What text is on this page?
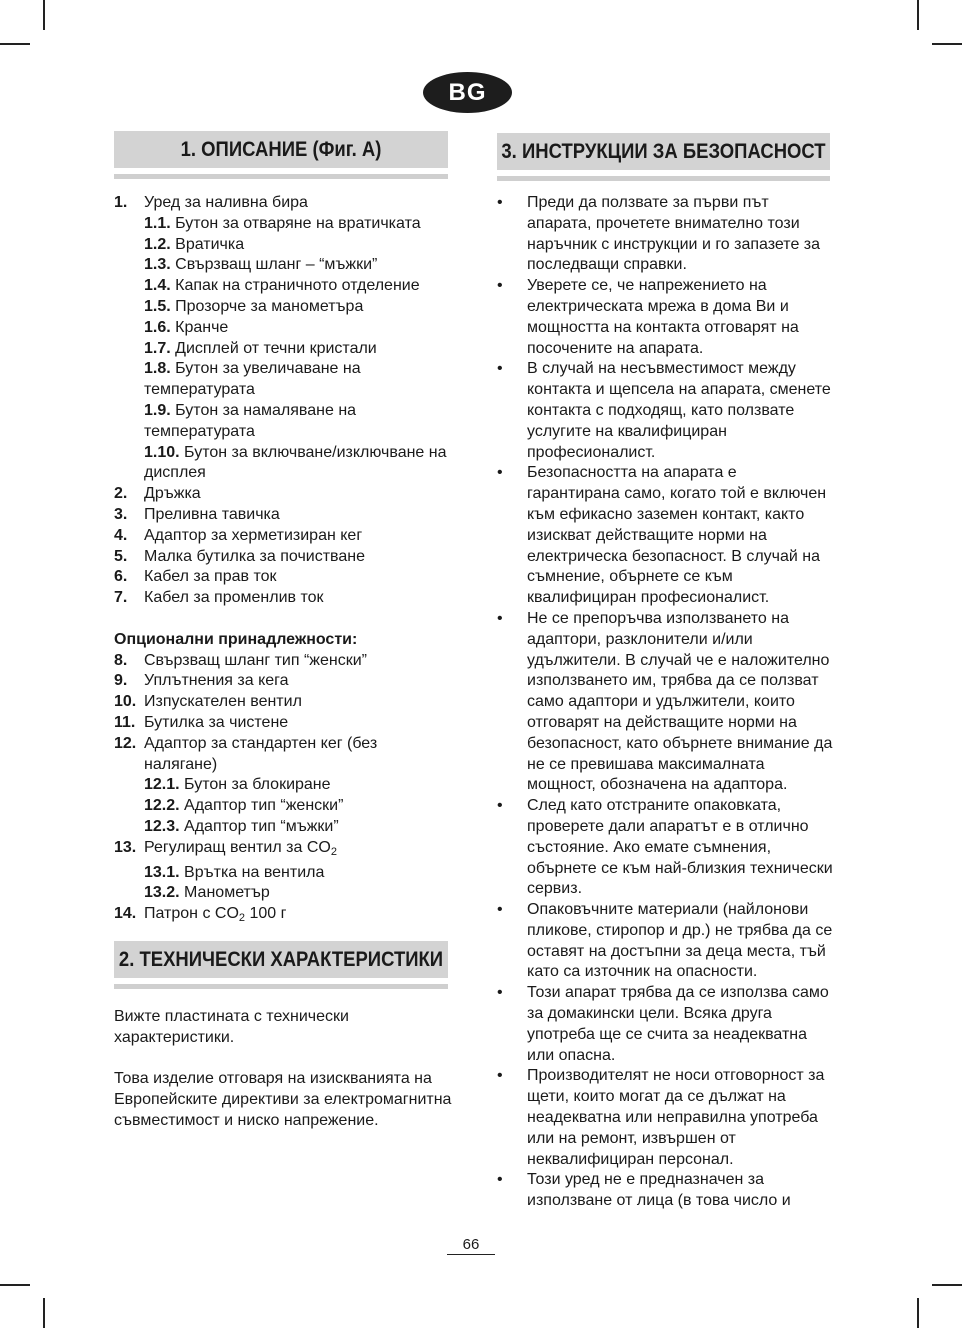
BG
1. ОПИСАНИЕ (Фиг. А)
1.	Уред за наливна бира
1.1. Бутон за отваряне на вратичката
1.2. Вратичка
1.3. Свързващ шланг – “мъжки”
1.4. Капак на страничното отделение
1.5. Прозорче за манометъра
1.6. Кранче
1.7. Дисплей от течни кристали
1.8. Бутон за увеличаване на температурата
1.9. Бутон за намаляване на температурата
1.10. Бутон за включване/изключване на дисплея
2.	Дръжка
3.	Преливна тавичка
4.	Адаптор за херметизиран кег
5.	Малка бутилка за почистване
6.	Кабел за прав ток
7.	Кабел за променлив ток
Опционални принадлежности:
8.	Свързващ шланг тип “женски”
9.	Уплътнения за кега
10. Изпускателен вентил
11. Бутилка за чистене
12. Адаптор за стандартен кег (без налягане)
12.1. Бутон за блокиране
12.2. Адаптор тип “женски”
12.3. Адаптор тип “мъжки”
13. Регулиращ вентил за CO2
13.1. Врътка на вентила
13.2. Манометър
14. Патрон с CO2 100 г
2. ТЕХНИЧЕСКИ ХАРАКТЕРИСТИКИ
Вижте пластината с технически характеристики.
Това изделие отговаря на изискванията на Европейските директиви за електромагнитна съвместимост и ниско напрежение.
3. ИНСТРУКЦИИ ЗА БЕЗОПАСНОСТ
•	Преди да ползвате за първи път апарата, прочетете внимателно този наръчник с инструкции и го запазете за последващи справки.
•	Уверете се, че напрежението на електрическата мрежа в дома Ви и мощността на контакта отговарят на посочените на апарата.
•	В случай на несъвместимост между контакта и щепсела на апарата, сменете контакта с подходящ, като ползвате услугите на квалифициран професионалист.
•	Безопасността на апарата е гарантирана само, когато той е включен към ефикасно заземен контакт, както изискват действащите норми на електрическа безопасност. В случай на съмнение, обърнете се към квалифициран професионалист.
•	Не се препоръчва използването на адаптори, разклонители и/или удължители. В случай че е наложително използването им, трябва да се ползват само адаптори и удължители, които отговарят на действащите норми на безопасност, като обърнете внимание да не се превишава максималната мощност, обозначена на адаптора.
•	След като отстраните опаковката, проверете дали апаратът е в отлично състояние. Ако емате съмнения, обърнете се към най-близкия технически сервиз.
•	Опаковъчните материали (найлонови пликове, стиропор и др.) не трябва да се оставят на достъпни за деца места, тъй като са източник на опасности.
•	Този апарат трябва да се използва само за домакински цели. Всяка друга употреба ще се счита за неадекватна или опасна.
•	Производителят не носи отговорност за щети, които могат да се дължат на неадекватна или неправилна употреба или на ремонт, извършен от неквалифициран персонал.
•	Този уред не е предназначен за използване от лица (в това число и
66
